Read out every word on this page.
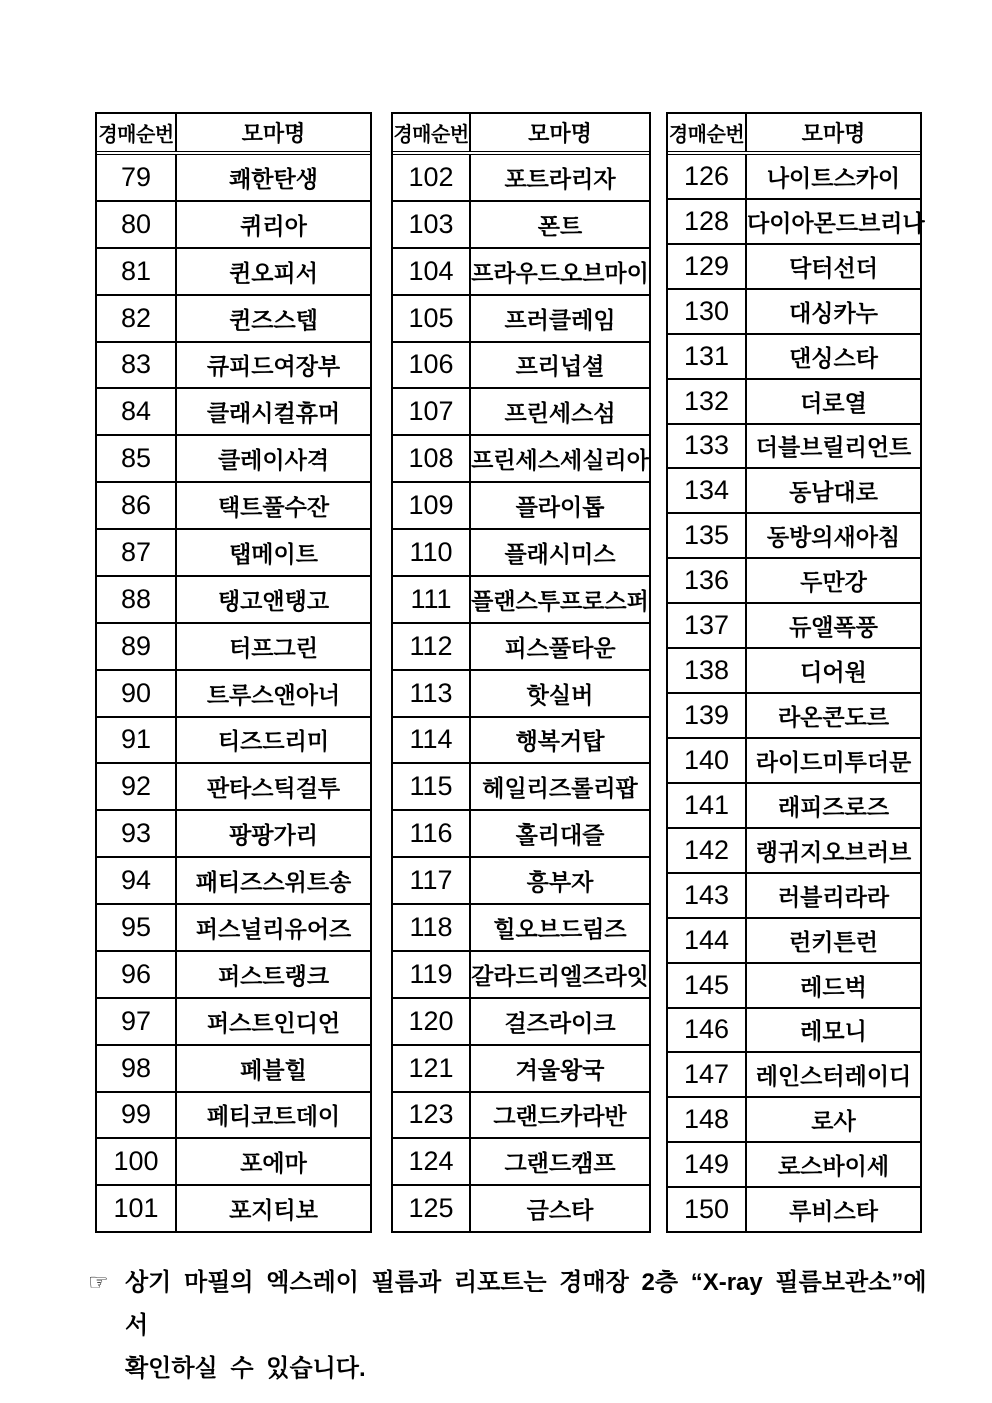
경매순번	모마명
79	쾌한탄생
80	퀴리아
81	퀸오피서
82	퀸즈스텝
83	큐피드여장부
84	클래시컬휴머
85	클레이사격
86	택트풀수잔
87	탭메이트
88	탱고앤탱고
89	터프그린
90	트루스앤아너
91	티즈드리미
92	판타스틱걸투
93	팡팡가리
94	패티즈스위트송
95	퍼스널리유어즈
96	퍼스트랭크
97	퍼스트인디언
98	페블힐
99	페티코트데이
100	포에마
101	포지티보
경매순번	모마명
102	포트라리자
103	폰트
104 프라우드오브마이
105	프러클레임
106	프리넙셜
107	프린세스섬
108 프린세스세실리아
109	플라이톱
110	플래시미스
111 플랜스투프로스퍼
112	피스풀타운
113	핫실버
114	행복거탑
115	헤일리즈롤리팝
116	홀리대즐
117	흥부자
118	힐오브드림즈
119 갈라드리엘즈라잇
120	걸즈라이크
121	겨울왕국
123	그랜드카라반
124	그랜드캠프
125	금스타
경매순번	모마명
126	나이트스카이
128 다이아몬드브리나
129	닥터선더
130	대싱카누
131	댄싱스타
132	더로열
133	더블브릴리언트
134	동남대로
135	동방의새아침
136	두만강
137	듀앨폭풍
138	디어원
139	라온콘도르
140	라이드미투더문
141	래피즈로즈
142	랭귀지오브러브
143	러블리라라
144	런키튼런
145	레드벅
146	레모니
147	레인스터레이디
148	로사
149	로스바이세
150	루비스타
☞ 상기 마필의 엑스레이 필름과 리포트는 경매장 2층 “X-ray 필름보관소”에서
확인하실 수 있습니다.
